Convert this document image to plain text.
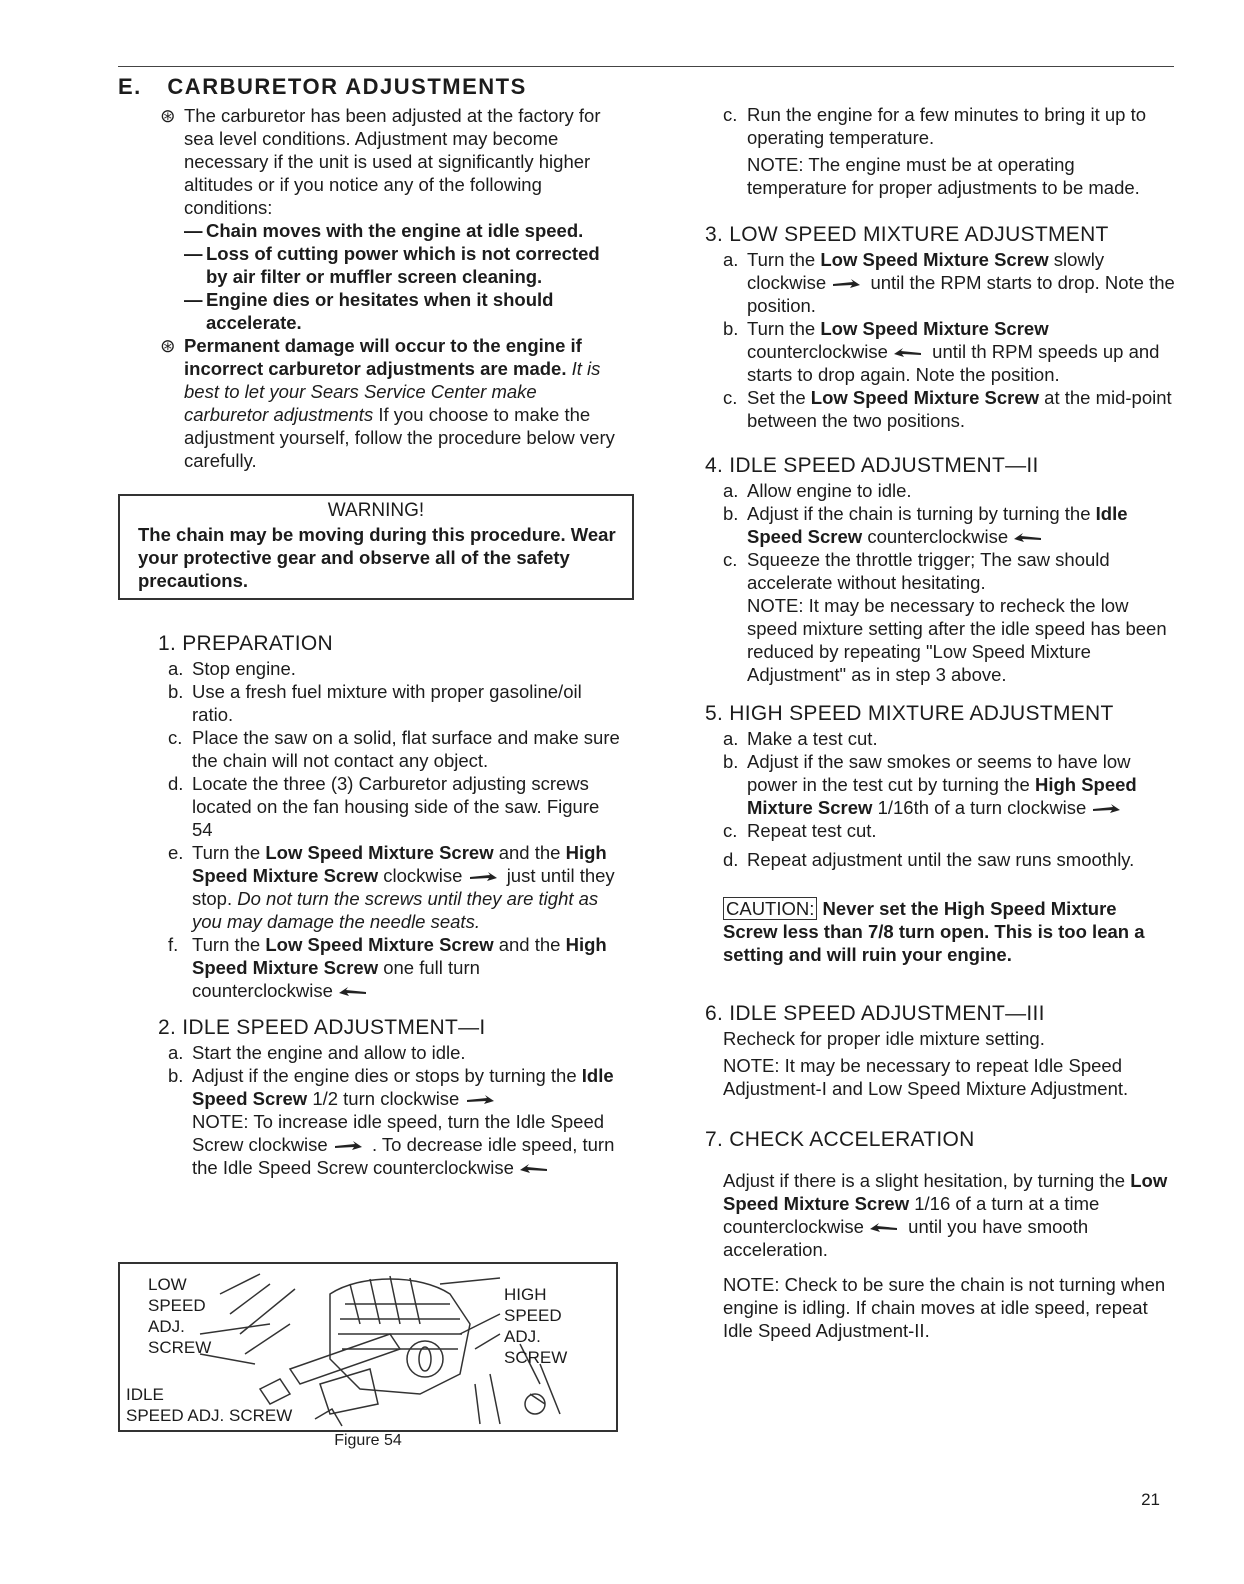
E. CARBURETOR ADJUSTMENTS
⊛ The carburetor has been adjusted at the factory for sea level conditions. Adjustment may become necessary if the unit is used at significantly higher altitudes or if you notice any of the following conditions:

— Chain moves with the engine at idle speed.
— Loss of cutting power which is not corrected by air filter or muffler screen cleaning.
— Engine dies or hesitates when it should accelerate.
⊛ Permanent damage will occur to the engine if incorrect carburetor adjustments are made. It is best to let your Sears Service Center make carburetor adjustments If you choose to make the adjustment yourself, follow the procedure below very carefully.

WARNING!
The chain may be moving during this procedure. Wear your protective gear and observe all of the safety precautions.

1. PREPARATION

a. Stop engine.
b. Use a fresh fuel mixture with proper gasoline/oil ratio.
c. Place the saw on a solid, flat surface and make sure the chain will not contact any object.
d. Locate the three (3) Carburetor adjusting screws located on the fan housing side of the saw. Figure 54
e. Turn the Low Speed Mixture Screw and the High Speed Mixture Screw clockwise just until they stop. Do not turn the screws until they are tight as you may damage the needle seats.
f. Turn the Low Speed Mixture Screw and the High Speed Mixture Screw one full turn counterclockwise

2. IDLE SPEED ADJUSTMENT—I

a. Start the engine and allow to idle.
b. Adjust if the engine dies or stops by turning the Idle Speed Screw 1/2 turn clockwise
NOTE: To increase idle speed, turn the Idle Speed Screw clockwise . To decrease idle speed, turn the Idle Speed Screw counterclockwise
LOW
SPEED
ADJ.
SCREW
HIGH
SPEED
ADJ.
SCREW
IDLE
SPEED ADJ. SCREW
Figure 54
c. Run the engine for a few minutes to bring it up to operating temperature.
NOTE: The engine must be at operating temperature for proper adjustments to be made.

3. LOW SPEED MIXTURE ADJUSTMENT

a. Turn the Low Speed Mixture Screw slowly clockwise until the RPM starts to drop. Note the position.
b. Turn the Low Speed Mixture Screw counterclockwise until th RPM speeds up and starts to drop again. Note the position.
c. Set the Low Speed Mixture Screw at the mid-point between the two positions.

4. IDLE SPEED ADJUSTMENT—II

a. Allow engine to idle.
b. Adjust if the chain is turning by turning the Idle Speed Screw counterclockwise
c. Squeeze the throttle trigger; The saw should accelerate without hesitating.
NOTE: It may be necessary to recheck the low speed mixture setting after the idle speed has been reduced by repeating "Low Speed Mixture Adjustment" as in step 3 above.

5. HIGH SPEED MIXTURE ADJUSTMENT

a. Make a test cut.
b. Adjust if the saw smokes or seems to have low power in the test cut by turning the High Speed Mixture Screw 1/16th of a turn clockwise
c. Repeat test cut.
d. Repeat adjustment until the saw runs smoothly.
CAUTION: Never set the High Speed Mixture Screw less than 7/8 turn open. This is too lean a setting and will ruin your engine.

6. IDLE SPEED ADJUSTMENT—III

Recheck for proper idle mixture setting.
NOTE: It may be necessary to repeat Idle Speed Adjustment-I and Low Speed Mixture Adjustment.

7. CHECK ACCELERATION

Adjust if there is a slight hesitation, by turning the Low Speed Mixture Screw 1/16 of a turn at a time counterclockwise until you have smooth acceleration.
NOTE: Check to be sure the chain is not turning when engine is idling. If chain moves at idle speed, repeat Idle Speed Adjustment-II.
21
